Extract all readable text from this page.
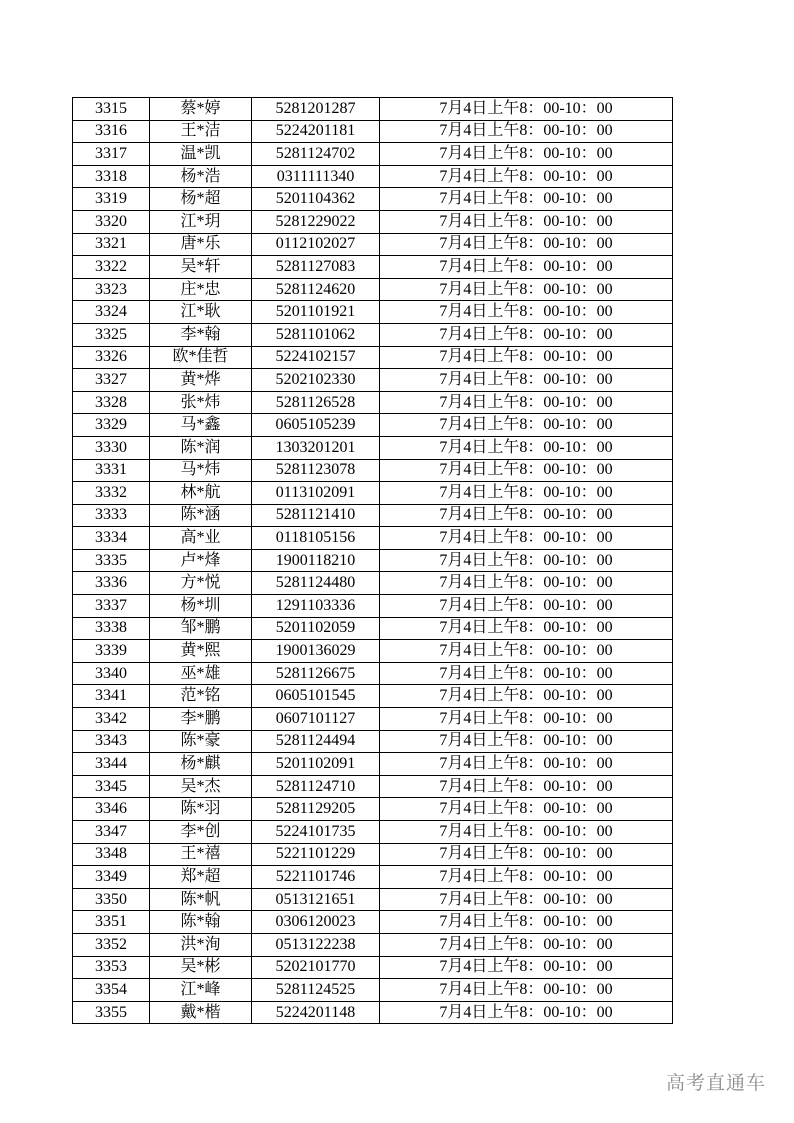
3315	蔡*婷	5281201287	7月4日上午8：00-10：00
3316	王*洁	5224201181	7月4日上午8：00-10：00
3317	温*凯	5281124702	7月4日上午8：00-10：00
3318	杨*浩	0311111340	7月4日上午8：00-10：00
3319	杨*超	5201104362	7月4日上午8：00-10：00
3320	江*玥	5281229022	7月4日上午8：00-10：00
3321	唐*乐	0112102027	7月4日上午8：00-10：00
3322	吴*轩	5281127083	7月4日上午8：00-10：00
3323	庄*忠	5281124620	7月4日上午8：00-10：00
3324	江*耿	5201101921	7月4日上午8：00-10：00
3325	李*翰	5281101062	7月4日上午8：00-10：00
3326	欧*佳哲	5224102157	7月4日上午8：00-10：00
3327	黄*烨	5202102330	7月4日上午8：00-10：00
3328	张*炜	5281126528	7月4日上午8：00-10：00
3329	马*鑫	0605105239	7月4日上午8：00-10：00
3330	陈*润	1303201201	7月4日上午8：00-10：00
3331	马*炜	5281123078	7月4日上午8：00-10：00
3332	林*航	0113102091	7月4日上午8：00-10：00
3333	陈*涵	5281121410	7月4日上午8：00-10：00
3334	高*业	0118105156	7月4日上午8：00-10：00
3335	卢*烽	1900118210	7月4日上午8：00-10：00
3336	方*悦	5281124480	7月4日上午8：00-10：00
3337	杨*圳	1291103336	7月4日上午8：00-10：00
3338	邹*鹏	5201102059	7月4日上午8：00-10：00
3339	黄*熙	1900136029	7月4日上午8：00-10：00
3340	巫*雄	5281126675	7月4日上午8：00-10：00
3341	范*铭	0605101545	7月4日上午8：00-10：00
3342	李*鹏	0607101127	7月4日上午8：00-10：00
3343	陈*豪	5281124494	7月4日上午8：00-10：00
3344	杨*麒	5201102091	7月4日上午8：00-10：00
3345	吴*杰	5281124710	7月4日上午8：00-10：00
3346	陈*羽	5281129205	7月4日上午8：00-10：00
3347	李*创	5224101735	7月4日上午8：00-10：00
3348	王*禧	5221101229	7月4日上午8：00-10：00
3349	郑*超	5221101746	7月4日上午8：00-10：00
3350	陈*帆	0513121651	7月4日上午8：00-10：00
3351	陈*翰	0306120023	7月4日上午8：00-10：00
3352	洪*洵	0513122238	7月4日上午8：00-10：00
3353	吴*彬	5202101770	7月4日上午8：00-10：00
3354	江*峰	5281124525	7月4日上午8：00-10：00
3355	戴*楷	5224201148	7月4日上午8：00-10：00
高考直通车
